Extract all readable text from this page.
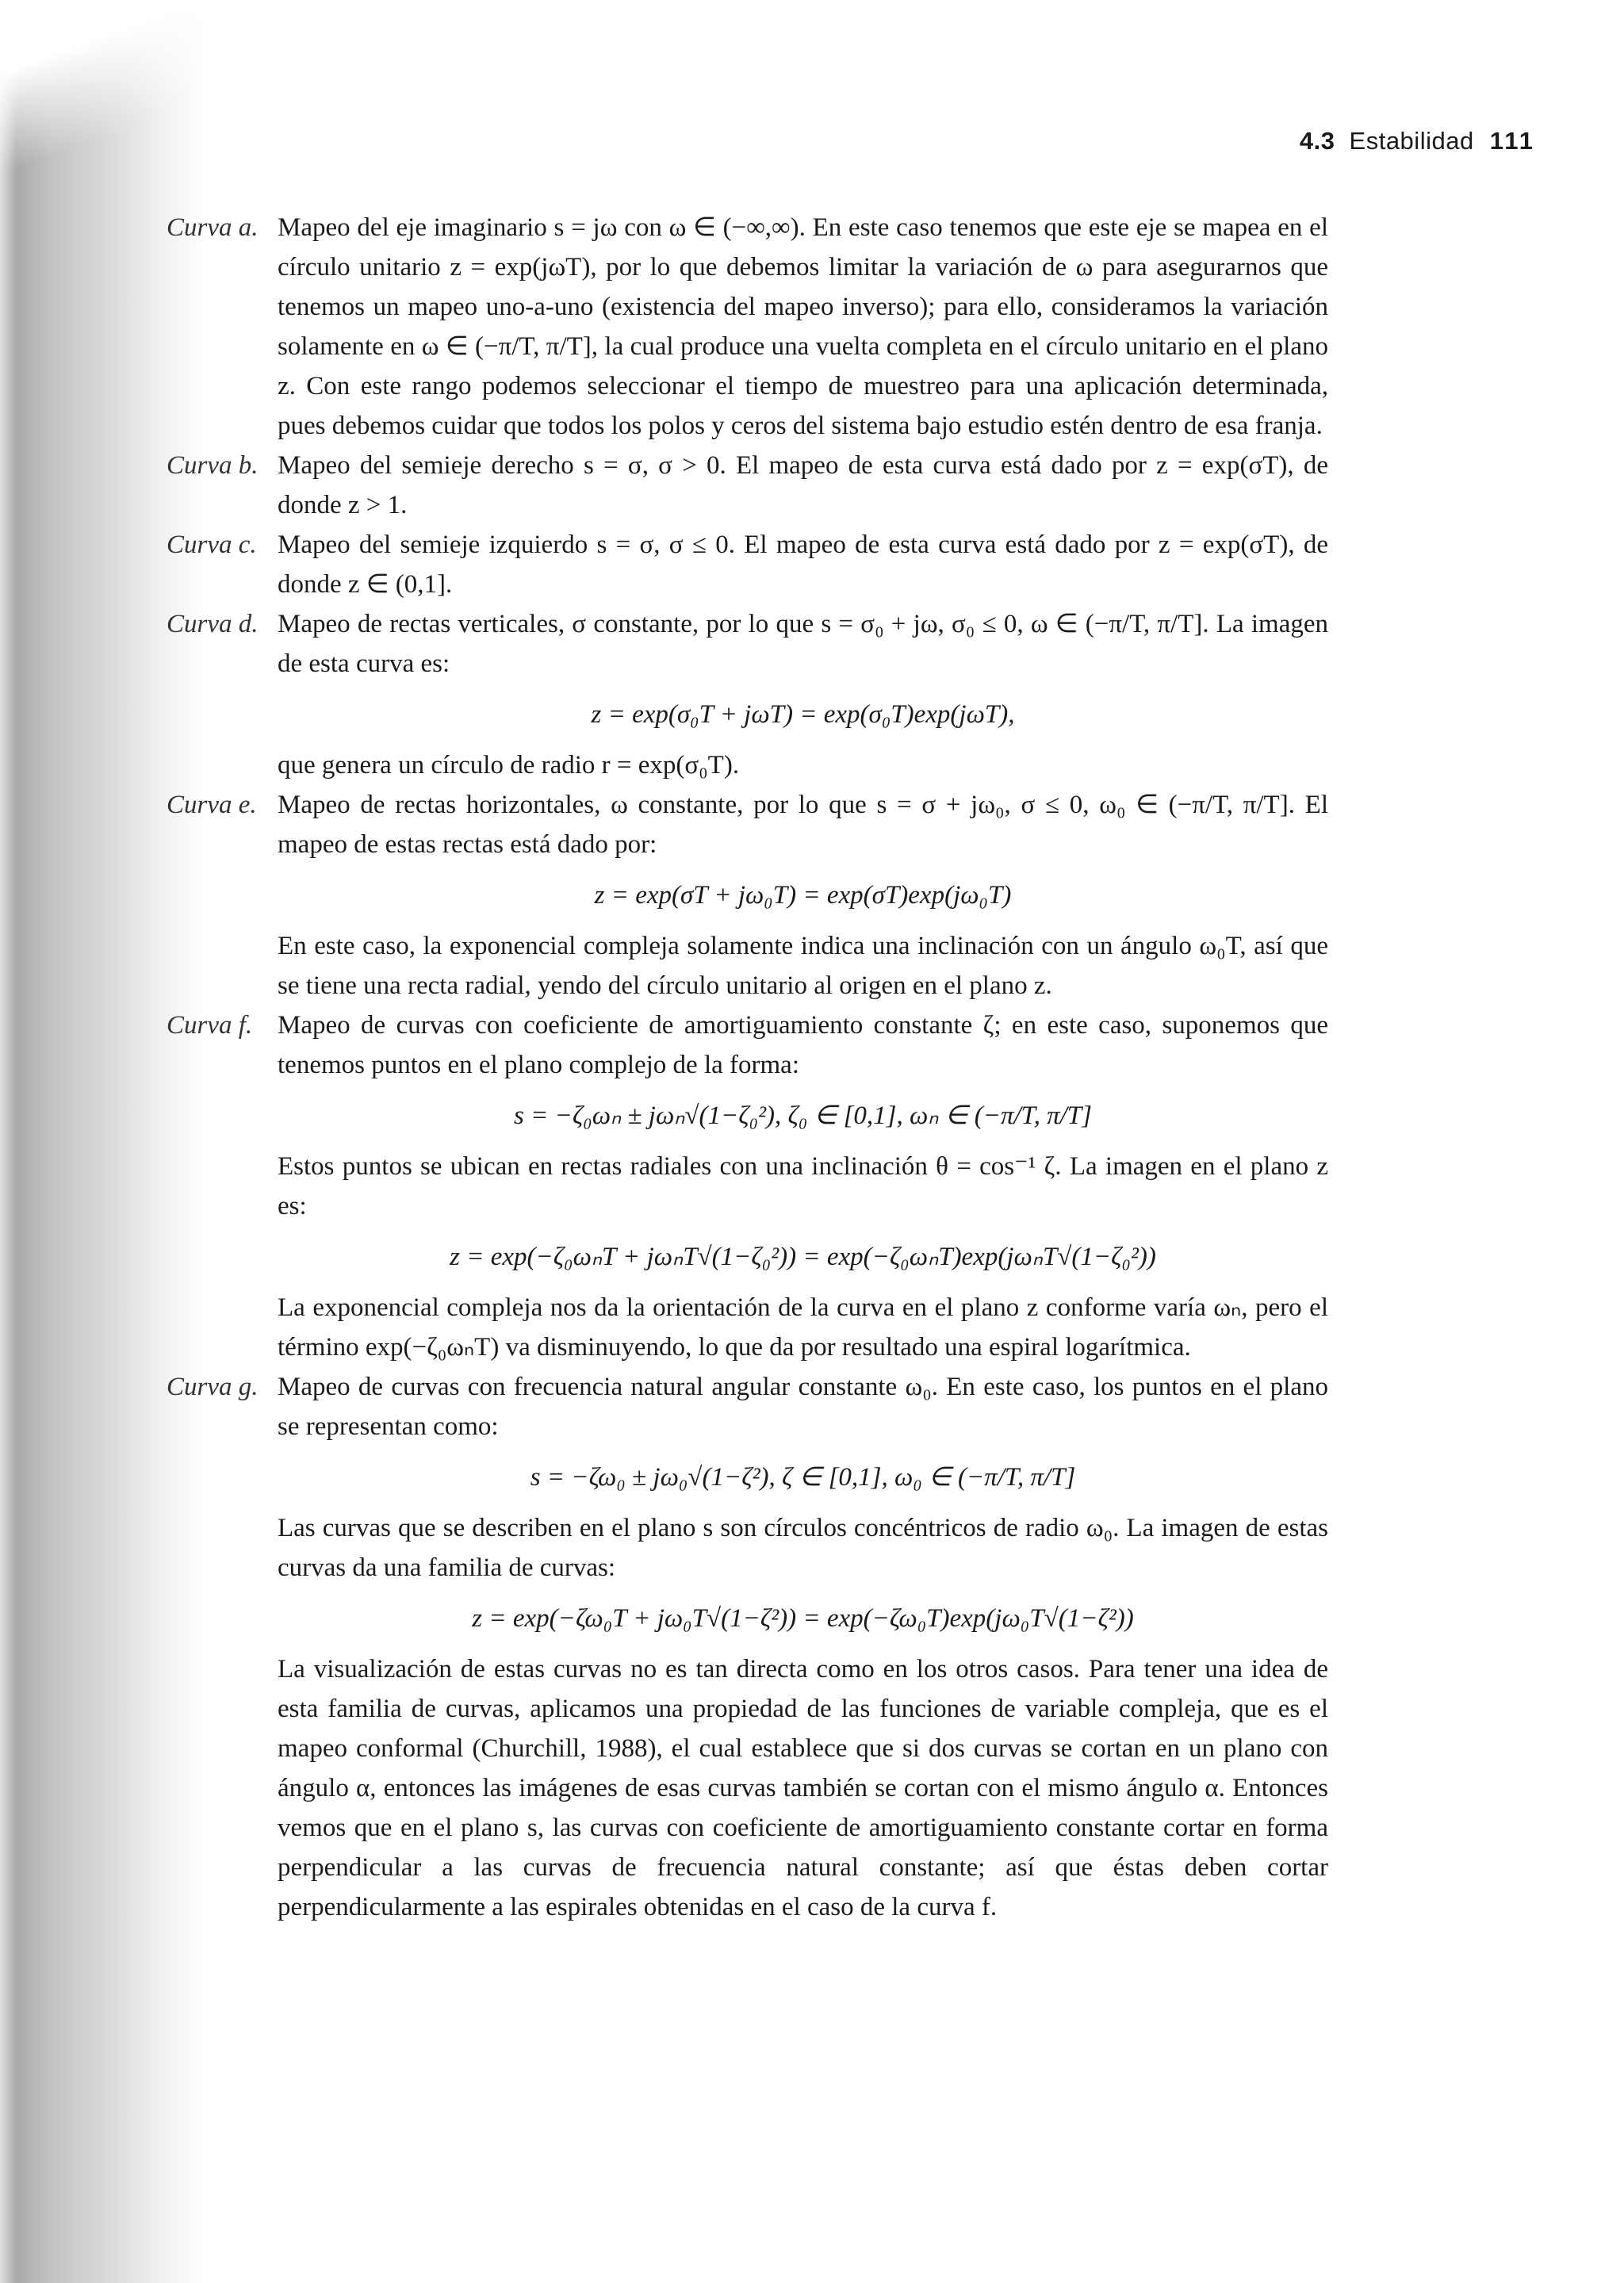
4.3 Estabilidad 111
Curva a. Mapeo del eje imaginario s = jω con ω ∈ (−∞,∞). En este caso tenemos que este eje se mapea en el círculo unitario z = exp(jωT), por lo que debemos limitar la variación de ω para asegurarnos que tenemos un mapeo uno-a-uno (existencia del mapeo inverso); para ello, consideramos la variación solamente en ω ∈ (−π/T, π/T], la cual produce una vuelta completa en el círculo unitario en el plano z. Con este rango podemos seleccionar el tiempo de muestreo para una aplicación determinada, pues debemos cuidar que todos los polos y ceros del sistema bajo estudio estén dentro de esa franja.

Curva b. Mapeo del semieje derecho s = σ, σ > 0. El mapeo de esta curva está dado por z = exp(σT), de donde z > 1.

Curva c. Mapeo del semieje izquierdo s = σ, σ ≤ 0. El mapeo de esta curva está dado por z = exp(σT), de donde z ∈ (0,1].

Curva d. Mapeo de rectas verticales, σ constante, por lo que s = σ₀ + jω, σ₀ ≤ 0, ω ∈ (−π/T, π/T]. La imagen de esta curva es:

z = exp(σ₀T + jωT) = exp(σ₀T)exp(jωT),

que genera un círculo de radio r = exp(σ₀T).

Curva e. Mapeo de rectas horizontales, ω constante, por lo que s = σ + jω₀, σ ≤ 0, ω₀ ∈ (−π/T, π/T]. El mapeo de estas rectas está dado por:

z = exp(σT + jω₀T) = exp(σT)exp(jω₀T)

En este caso, la exponencial compleja solamente indica una inclinación con un ángulo ω₀T, así que se tiene una recta radial, yendo del círculo unitario al origen en el plano z.

Curva f. Mapeo de curvas con coeficiente de amortiguamiento constante ζ; en este caso, suponemos que tenemos puntos en el plano complejo de la forma:

s = −ζ₀ωₙ ± jωₙ√(1−ζ₀²), ζ₀ ∈ [0,1], ωₙ ∈ (−π/T, π/T]

Estos puntos se ubican en rectas radiales con una inclinación θ = cos⁻¹ ζ. La imagen en el plano z es:

z = exp(−ζ₀ωₙT + jωₙT√(1−ζ₀²)) = exp(−ζ₀ωₙT)exp(jωₙT√(1−ζ₀²))

La exponencial compleja nos da la orientación de la curva en el plano z conforme varía ωₙ, pero el término exp(−ζ₀ωₙT) va disminuyendo, lo que da por resultado una espiral logarítmica.

Curva g. Mapeo de curvas con frecuencia natural angular constante ω₀. En este caso, los puntos en el plano se representan como:

s = −ζω₀ ± jω₀√(1−ζ²), ζ ∈ [0,1], ω₀ ∈ (−π/T, π/T]

Las curvas que se describen en el plano s son círculos concéntricos de radio ω₀. La imagen de estas curvas da una familia de curvas:

z = exp(−ζω₀T + jω₀T√(1−ζ²)) = exp(−ζω₀T)exp(jω₀T√(1−ζ²))

La visualización de estas curvas no es tan directa como en los otros casos. Para tener una idea de esta familia de curvas, aplicamos una propiedad de las funciones de variable compleja, que es el mapeo conformal (Churchill, 1988), el cual establece que si dos curvas se cortan en un plano con ángulo α, entonces las imágenes de esas curvas también se cortan con el mismo ángulo α. Entonces vemos que en el plano s, las curvas con coeficiente de amortiguamiento constante cortar en forma perpendicular a las curvas de frecuencia natural constante; así que éstas deben cortar perpendicularmente a las espirales obtenidas en el caso de la curva f.
